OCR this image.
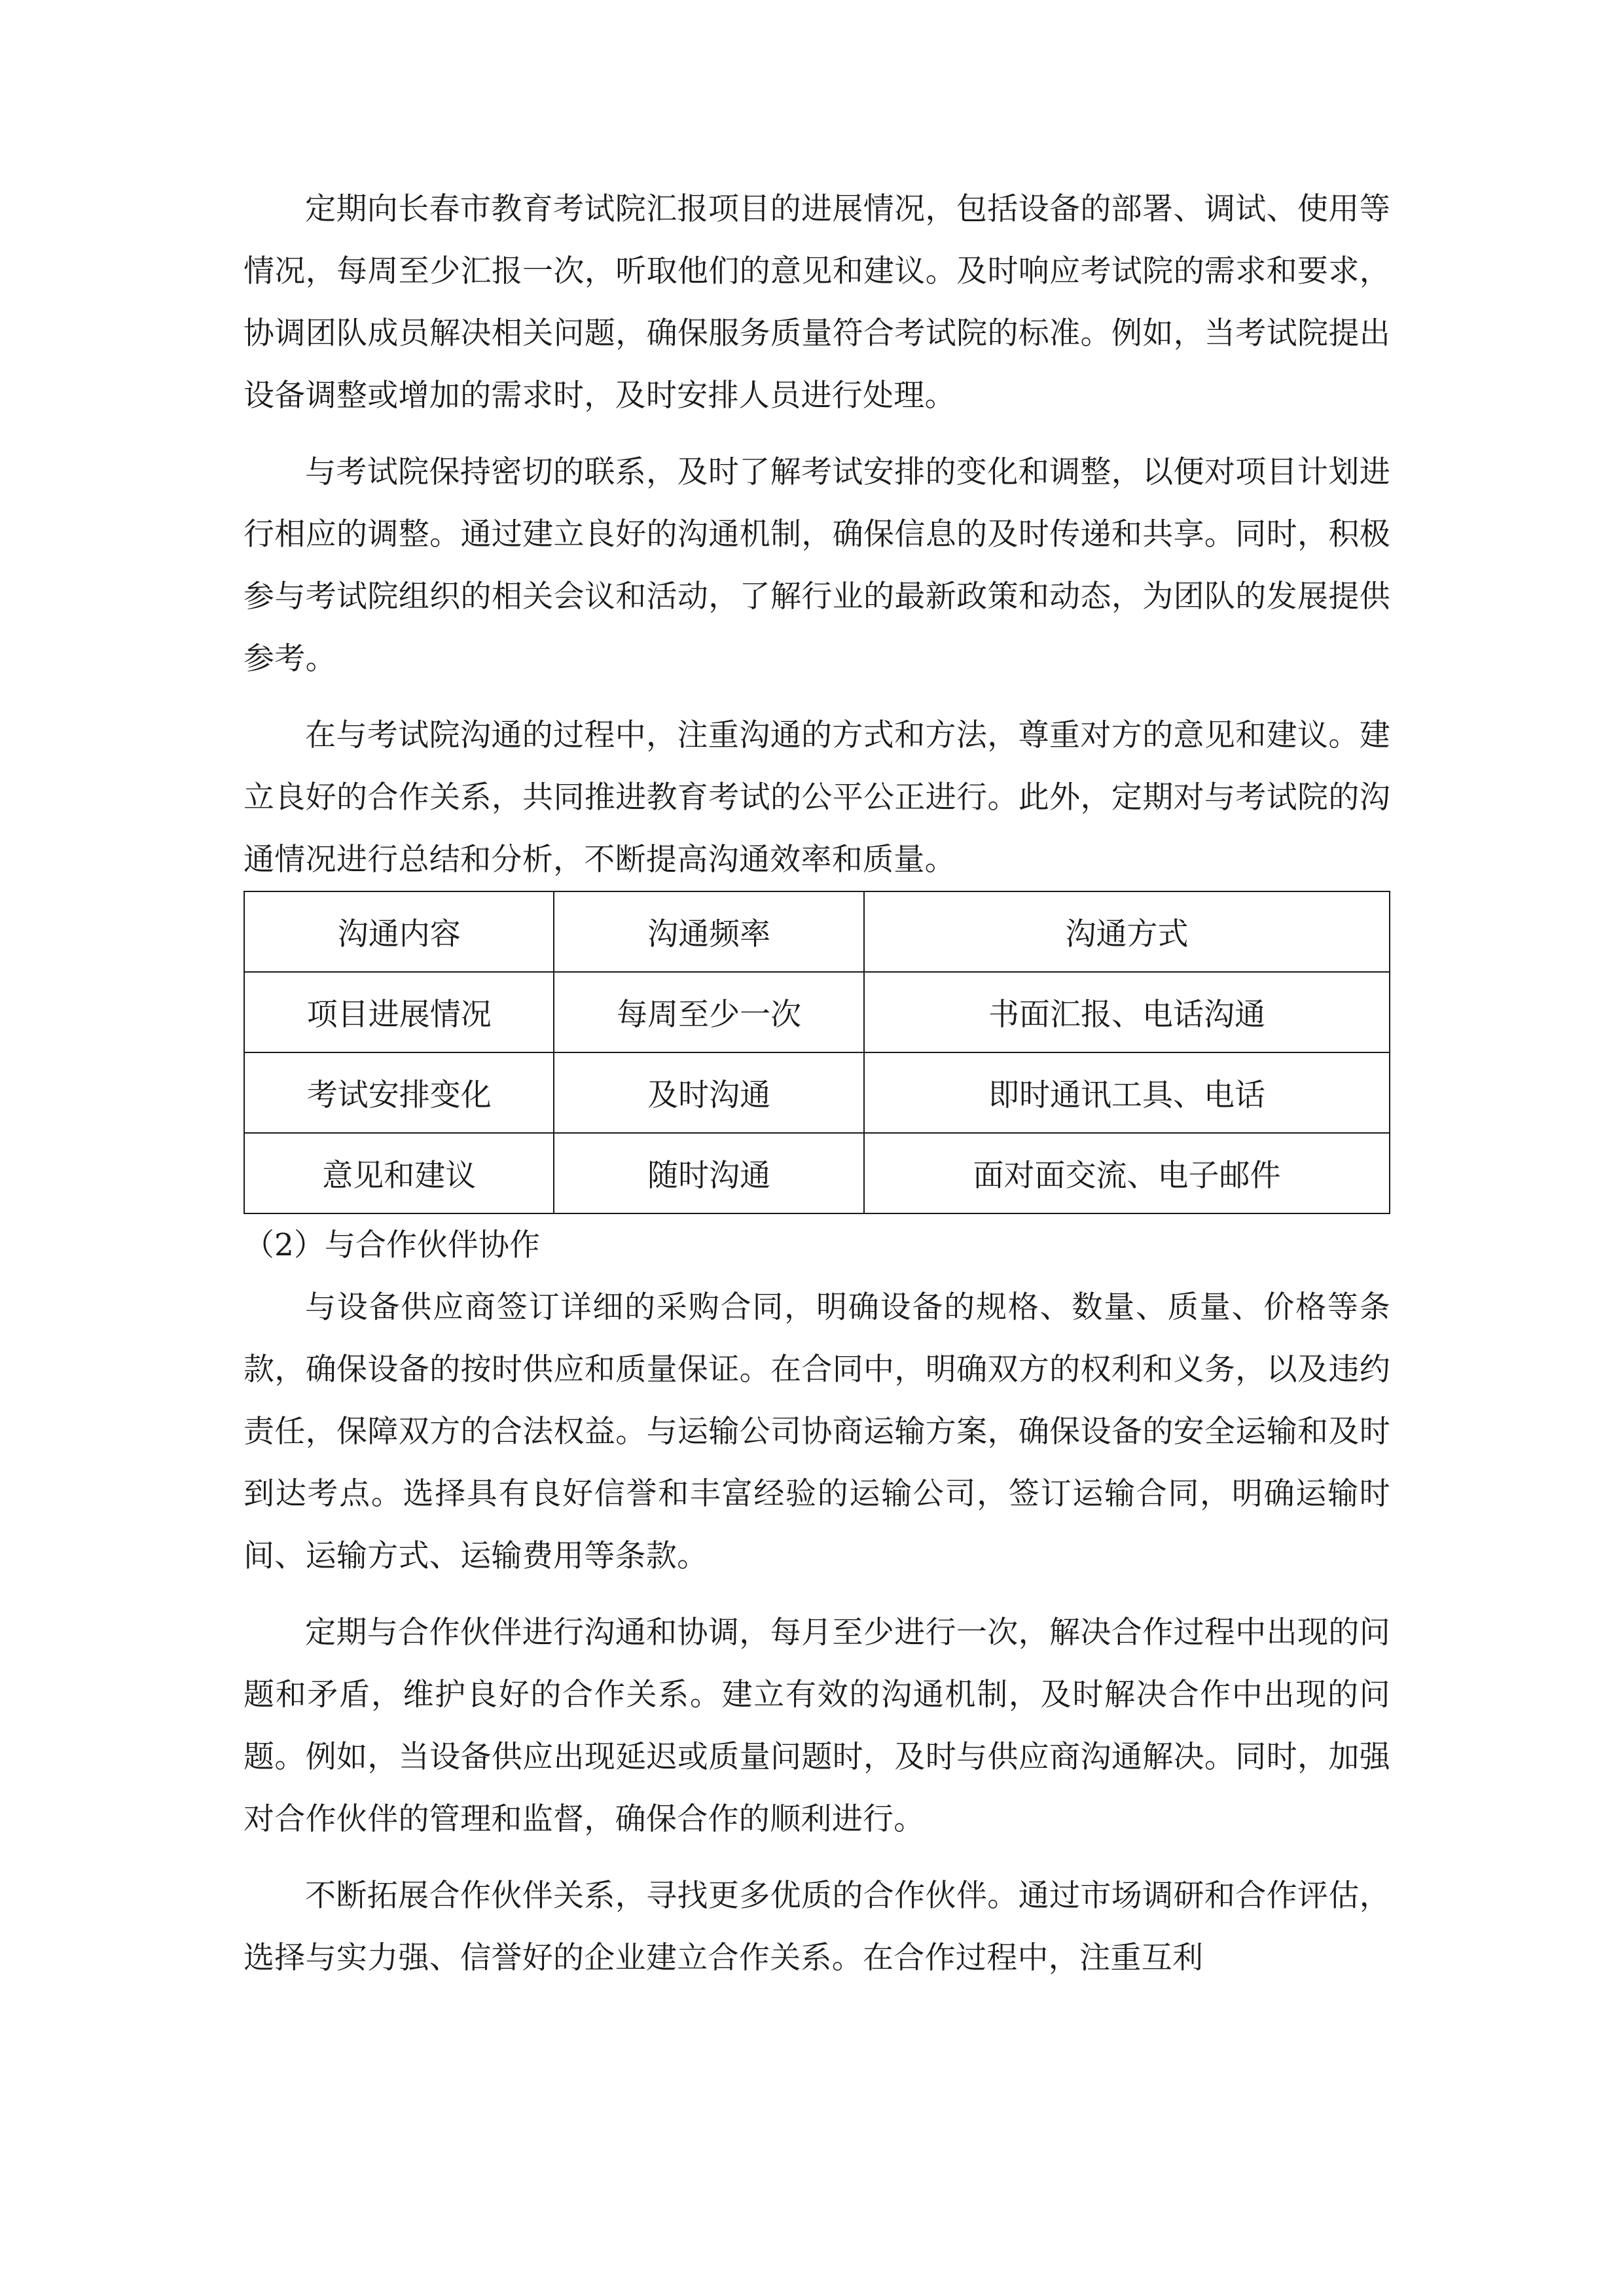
定期向长春市教育考试院汇报项目的进展情况，包括设备的部署、调试、使用等情况，每周至少汇报一次，听取他们的意见和建议。及时响应考试院的需求和要求，协调团队成员解决相关问题，确保服务质量符合考试院的标准。例如，当考试院提出设备调整或增加的需求时，及时安排人员进行处理。

与考试院保持密切的联系，及时了解考试安排的变化和调整，以便对项目计划进行相应的调整。通过建立良好的沟通机制，确保信息的及时传递和共享。同时，积极参与考试院组织的相关会议和活动，了解行业的最新政策和动态，为团队的发展提供参考。

在与考试院沟通的过程中，注重沟通的方式和方法，尊重对方的意见和建议。建立良好的合作关系，共同推进教育考试的公平公正进行。此外，定期对与考试院的沟通情况进行总结和分析，不断提高沟通效率和质量。

沟通内容	沟通频率	沟通方式
项目进展情况	每周至少一次	书面汇报、电话沟通
考试安排变化	及时沟通	即时通讯工具、电话
意见和建议	随时沟通	面对面交流、电子邮件

（2）与合作伙伴协作

与设备供应商签订详细的采购合同，明确设备的规格、数量、质量、价格等条款，确保设备的按时供应和质量保证。在合同中，明确双方的权利和义务，以及违约责任，保障双方的合法权益。与运输公司协商运输方案，确保设备的安全运输和及时到达考点。选择具有良好信誉和丰富经验的运输公司，签订运输合同，明确运输时间、运输方式、运输费用等条款。

定期与合作伙伴进行沟通和协调，每月至少进行一次，解决合作过程中出现的问题和矛盾，维护良好的合作关系。建立有效的沟通机制，及时解决合作中出现的问题。例如，当设备供应出现延迟或质量问题时，及时与供应商沟通解决。同时，加强对合作伙伴的管理和监督，确保合作的顺利进行。

不断拓展合作伙伴关系，寻找更多优质的合作伙伴。通过市场调研和合作评估，选择与实力强、信誉好的企业建立合作关系。在合作过程中，注重互利
